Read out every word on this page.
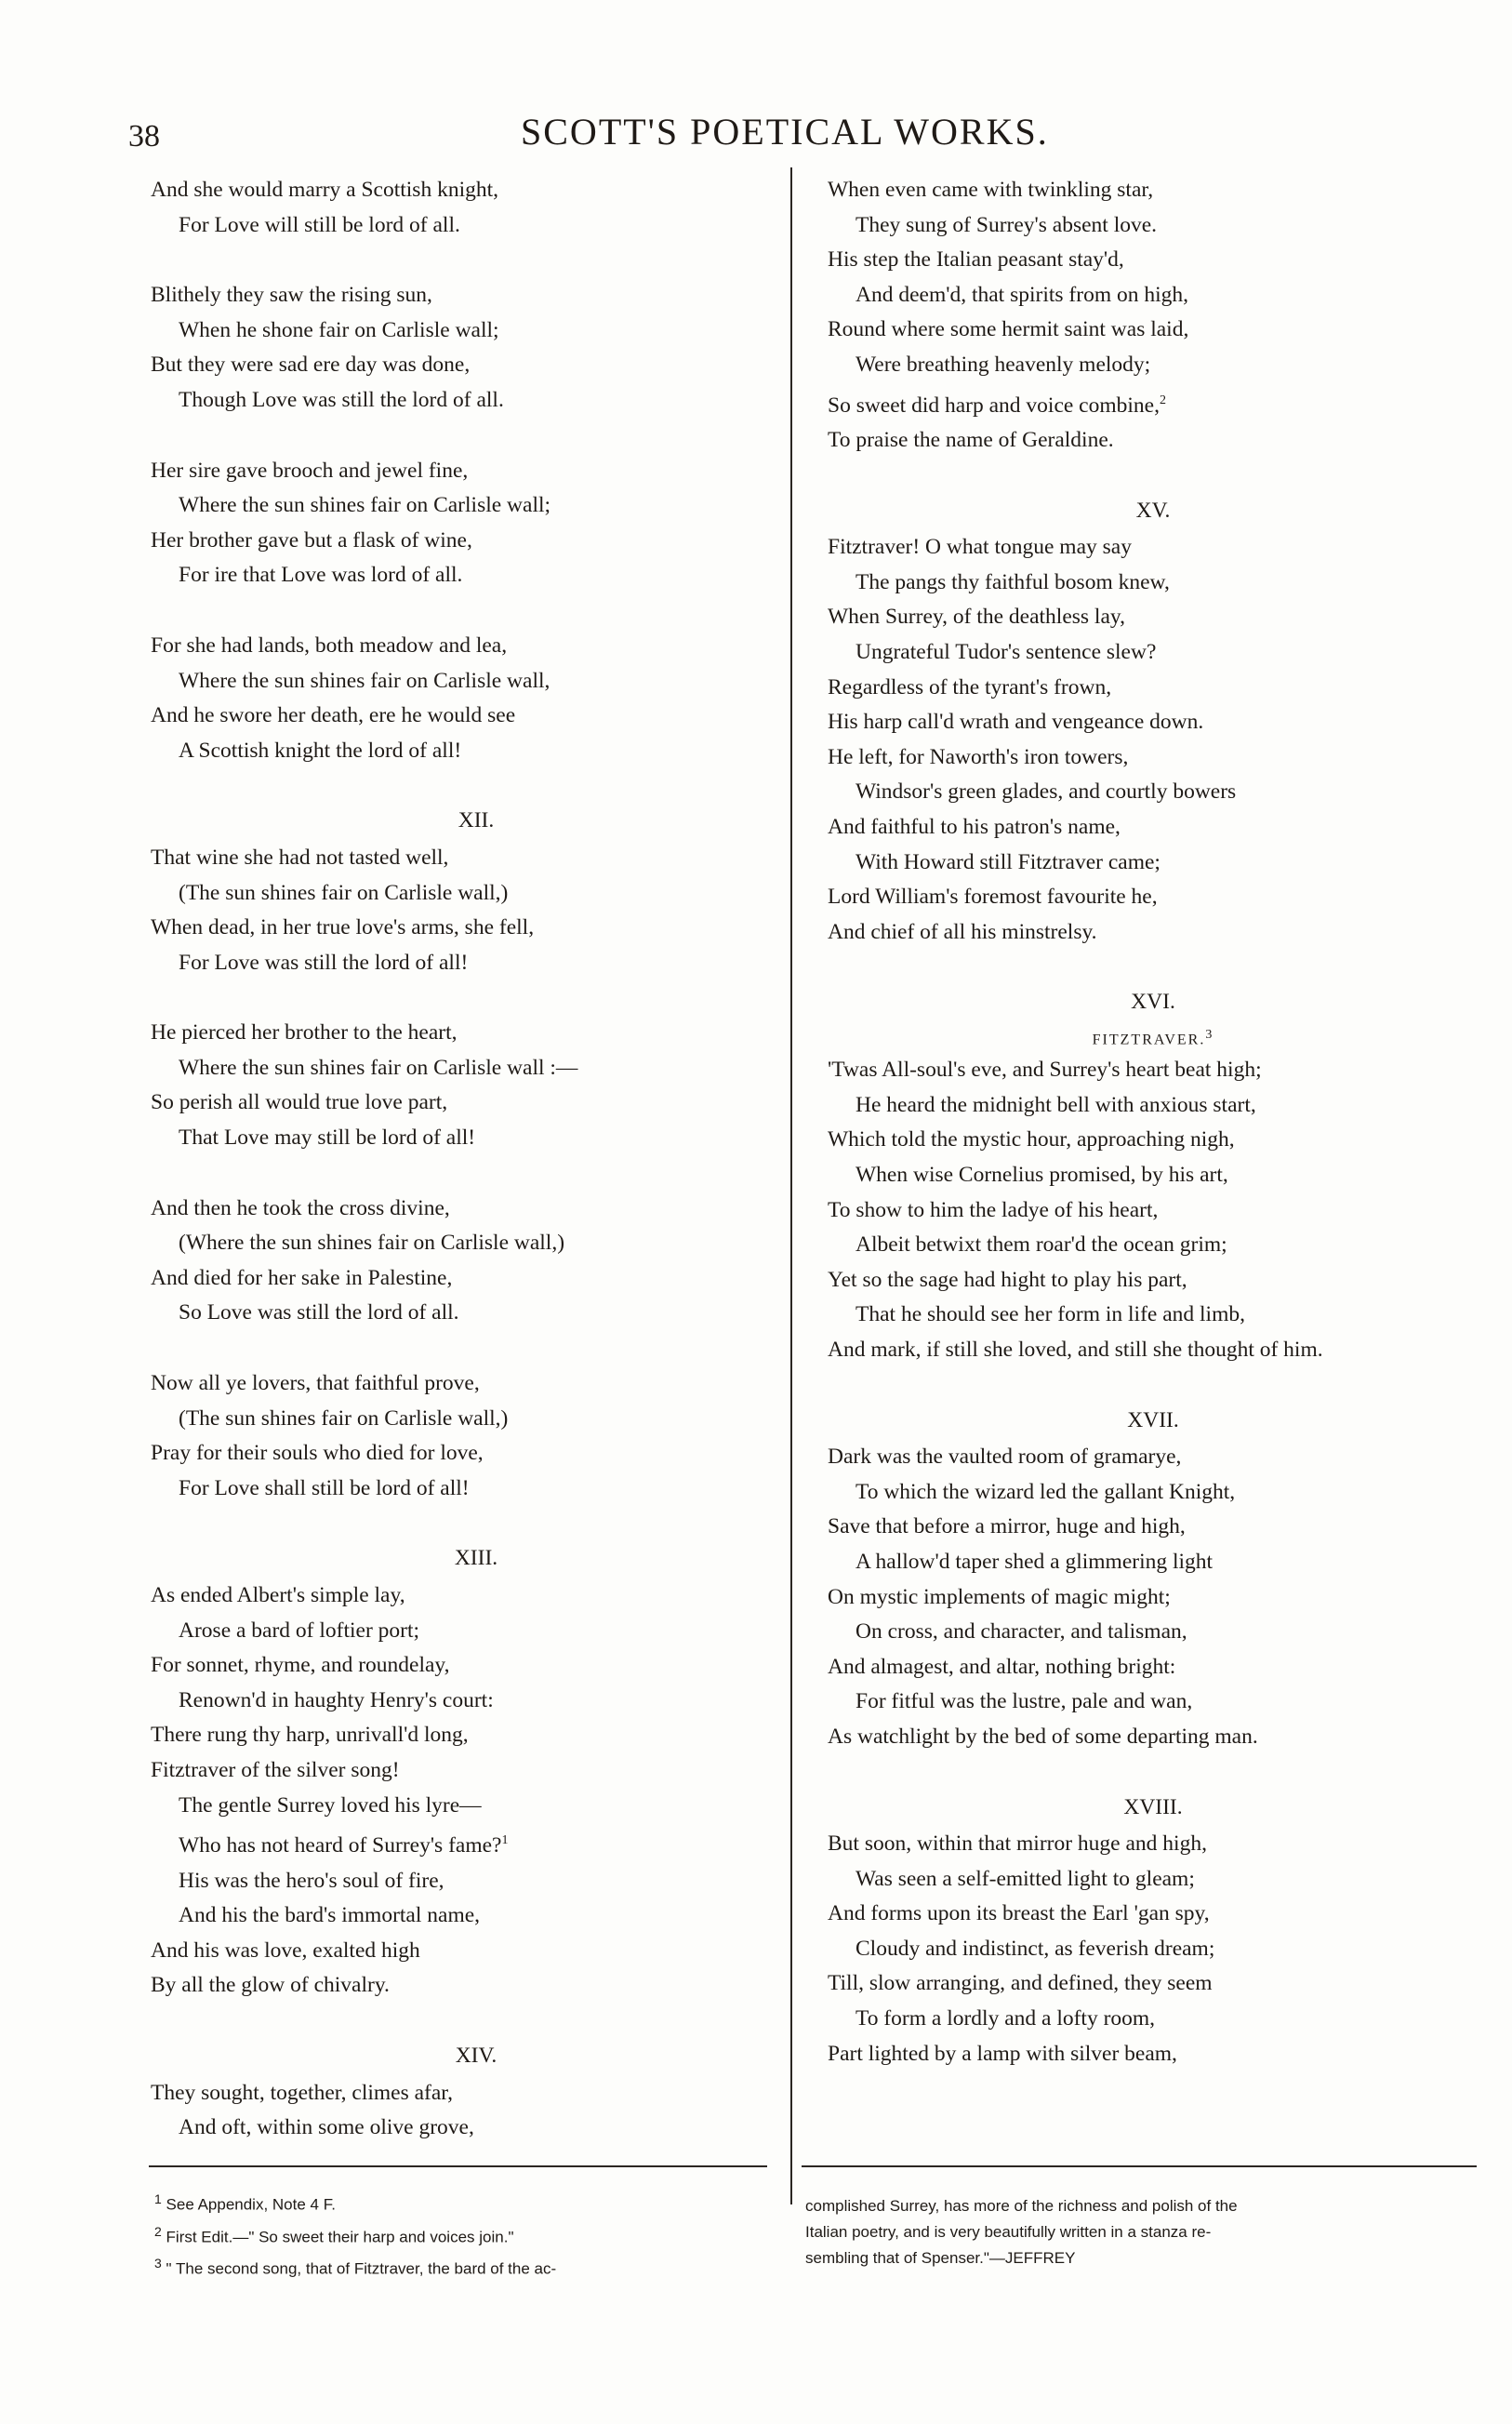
38	SCOTT'S POETICAL WORKS.
And she would marry a Scottish knight,
For Love will still be lord of all.
Blithely they saw the rising sun,
When he shone fair on Carlisle wall;
But they were sad ere day was done,
Though Love was still the lord of all.
Her sire gave brooch and jewel fine,
Where the sun shines fair on Carlisle wall;
Her brother gave but a flask of wine,
For ire that Love was lord of all.
For she had lands, both meadow and lea,
Where the sun shines fair on Carlisle wall,
And he swore her death, ere he would see
A Scottish knight the lord of all!
XII.
That wine she had not tasted well,
(The sun shines fair on Carlisle wall,)
When dead, in her true love's arms, she fell,
For Love was still the lord of all!
He pierced her brother to the heart,
Where the sun shines fair on Carlisle wall :—
So perish all would true love part,
That Love may still be lord of all!
And then he took the cross divine,
(Where the sun shines fair on Carlisle wall,)
And died for her sake in Palestine,
So Love was still the lord of all.
Now all ye lovers, that faithful prove,
(The sun shines fair on Carlisle wall,)
Pray for their souls who died for love,
For Love shall still be lord of all!
XIII.
As ended Albert's simple lay,
Arose a bard of loftier port;
For sonnet, rhyme, and roundelay,
Renown'd in haughty Henry's court:
There rung thy harp, unrivall'd long,
Fitztraver of the silver song!
The gentle Surrey loved his lyre—
Who has not heard of Surrey's fame?$^1$
His was the hero's soul of fire,
And his the bard's immortal name,
And his was love, exalted high
By all the glow of chivalry.
XIV.
They sought, together, climes afar,
And oft, within some olive grove,
When even came with twinkling star,
They sung of Surrey's absent love.
His step the Italian peasant stay'd,
And deem'd, that spirits from on high,
Round where some hermit saint was laid,
Were breathing heavenly melody;
So sweet did harp and voice combine,$^2$
To praise the name of Geraldine.
XV.
Fitztraver! O what tongue may say
The pangs thy faithful bosom knew,
When Surrey, of the deathless lay,
Ungrateful Tudor's sentence slew?
Regardless of the tyrant's frown,
His harp call'd wrath and vengeance down.
He left, for Naworth's iron towers,
Windsor's green glades, and courtly bowers
And faithful to his patron's name,
With Howard still Fitztraver came;
Lord William's foremost favourite he,
And chief of all his minstrelsy.
XVI.
FITZTRAVER.$^3$
'Twas All-soul's eve, and Surrey's heart beat high;
He heard the midnight bell with anxious start,
Which told the mystic hour, approaching nigh,
When wise Cornelius promised, by his art,
To show to him the ladye of his heart,
Albeit betwixt them roar'd the ocean grim;
Yet so the sage had hight to play his part,
That he should see her form in life and limb,
And mark, if still she loved, and still she thought of him.
XVII.
Dark was the vaulted room of gramarye,
To which the wizard led the gallant Knight,
Save that before a mirror, huge and high,
A hallow'd taper shed a glimmering light
On mystic implements of magic might;
On cross, and character, and talisman,
And almagest, and altar, nothing bright:
For fitful was the lustre, pale and wan,
As watchlight by the bed of some departing man.
XVIII.
But soon, within that mirror huge and high,
Was seen a self-emitted light to gleam;
And forms upon its breast the Earl 'gan spy,
Cloudy and indistinct, as feverish dream;
Till, slow arranging, and defined, they seem
To form a lordly and a lofty room,
Part lighted by a lamp with silver beam,
$^1$ See Appendix, Note 4 F.
$^2$ First Edit.—" So sweet their harp and voices join."
$^3$ " The second song, that of Fitztraver, the bard of the ac-
complished Surrey, has more of the richness and polish of the
Italian poetry, and is very beautifully written in a stanza re-
sembling that of Spenser."—JEFFREY
